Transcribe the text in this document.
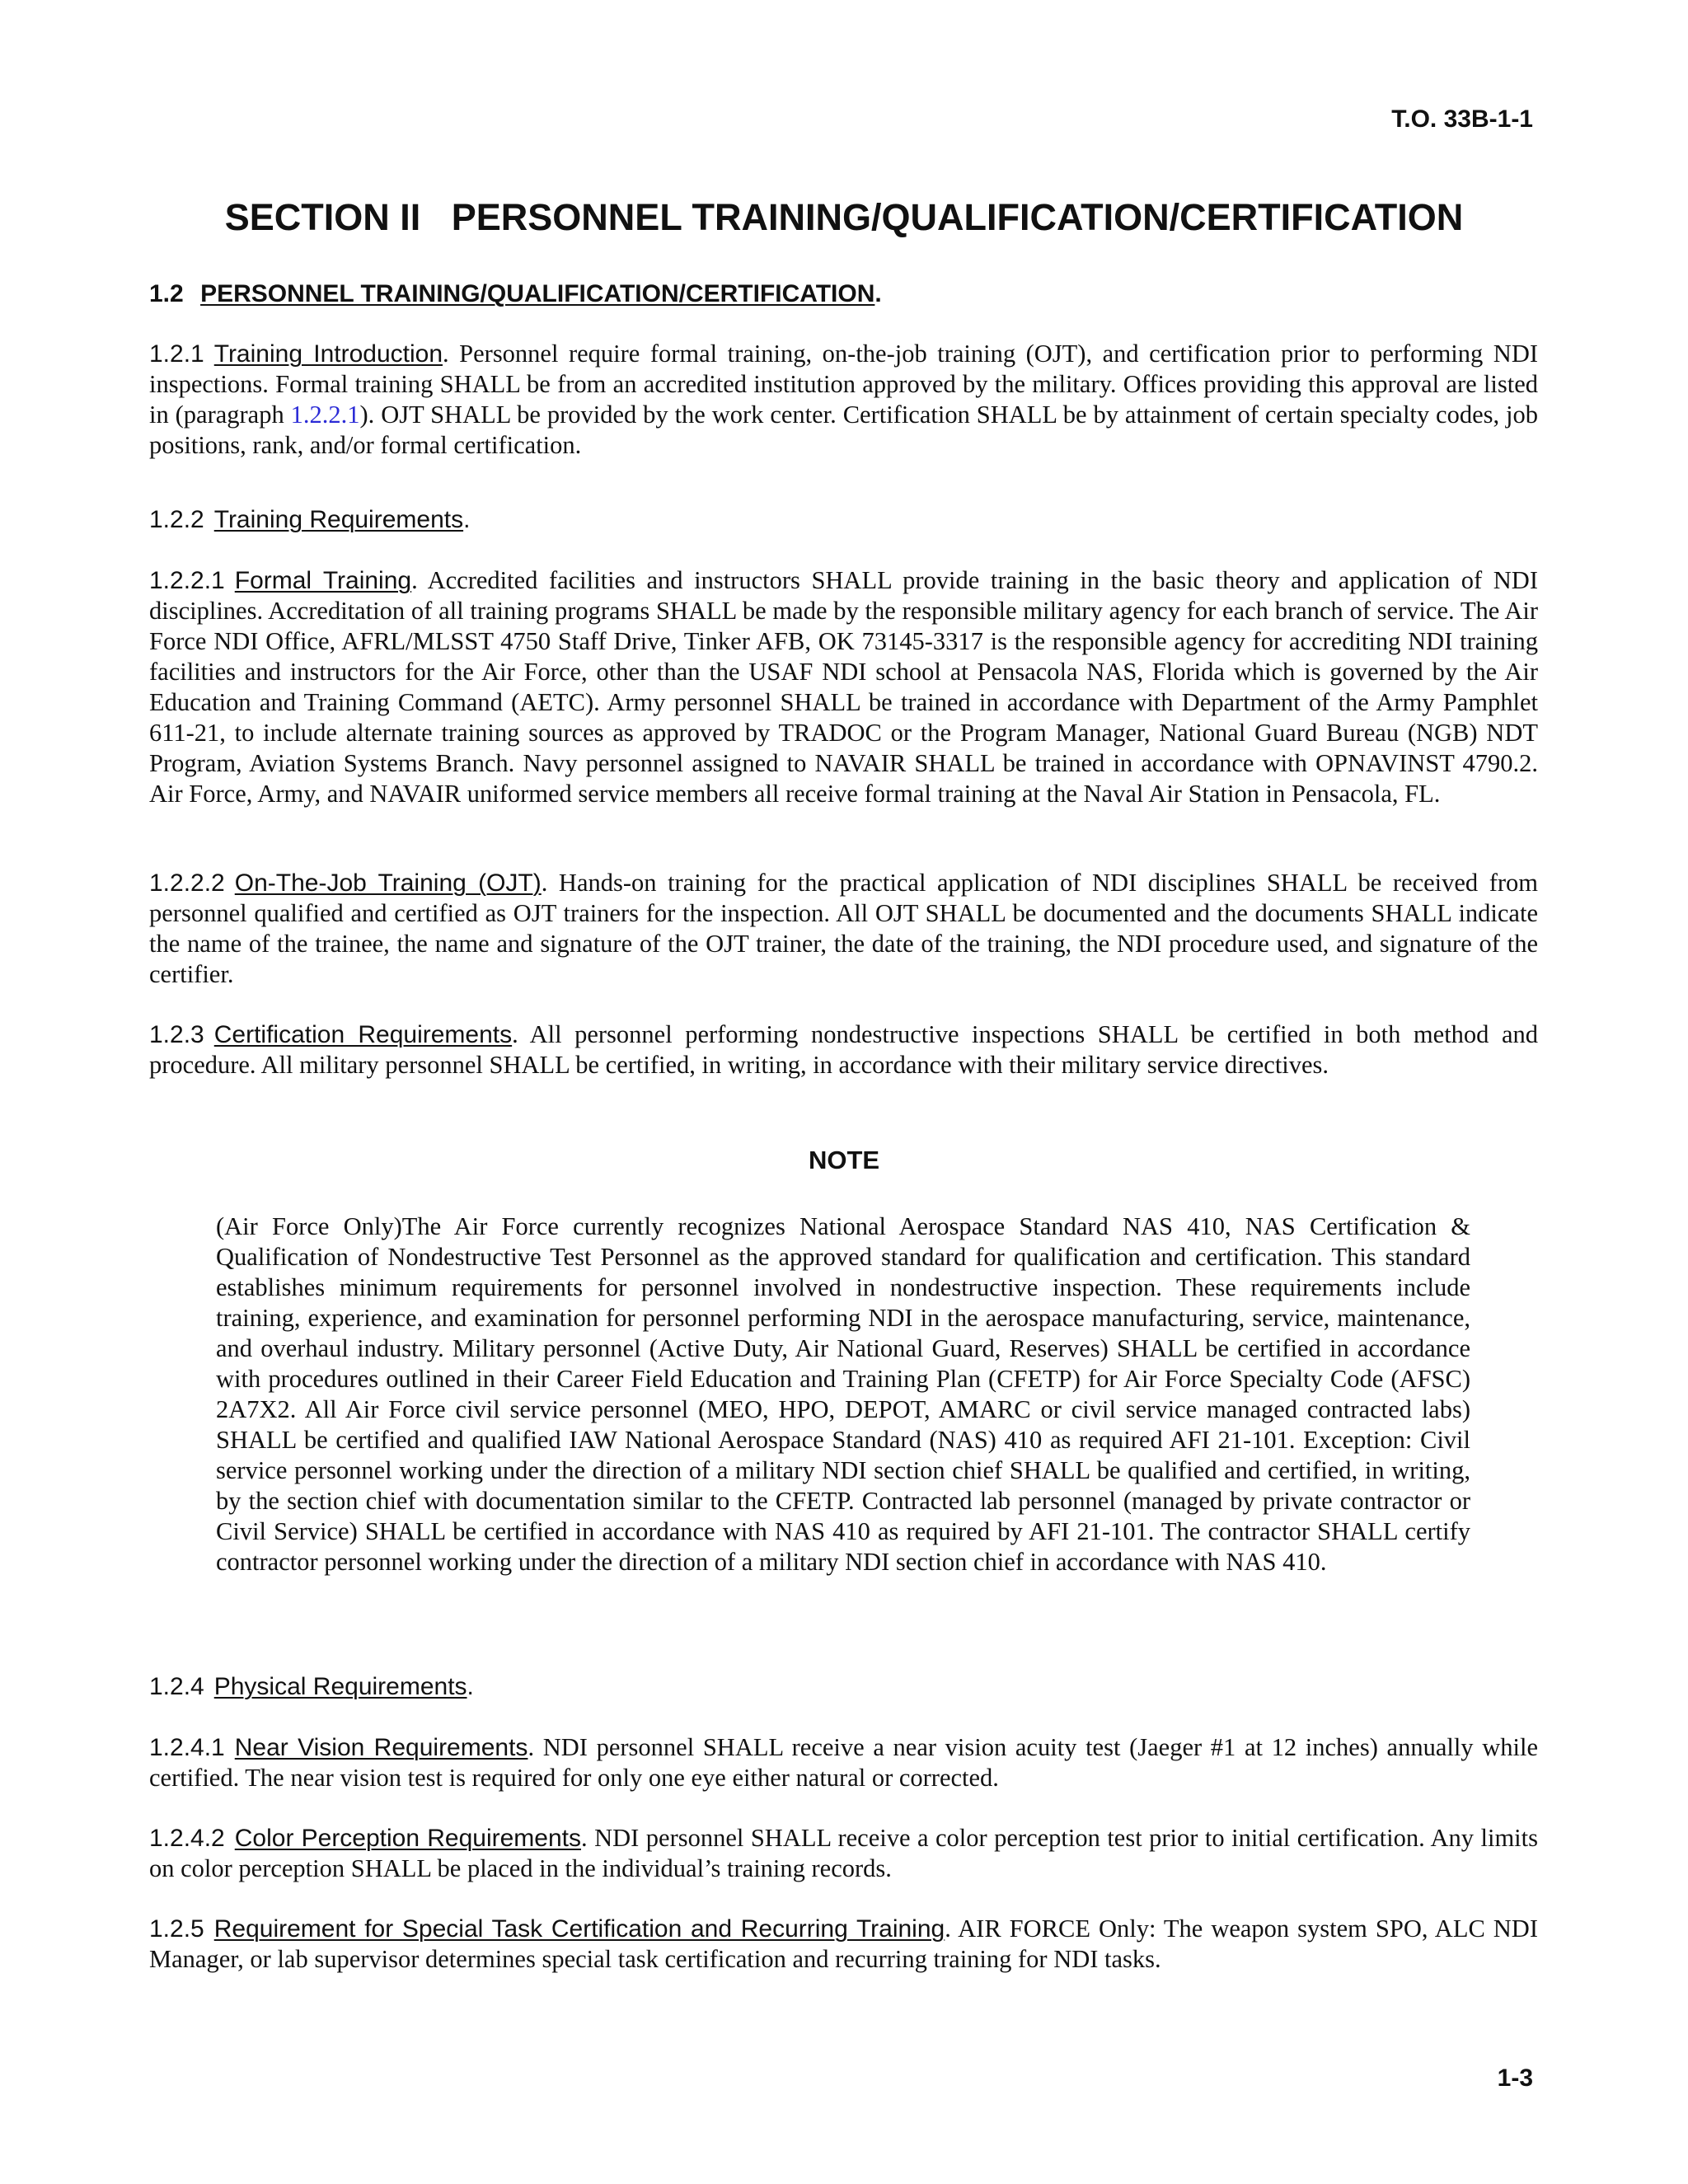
T.O. 33B-1-1
SECTION II   PERSONNEL TRAINING/QUALIFICATION/CERTIFICATION
1.2 PERSONNEL TRAINING/QUALIFICATION/CERTIFICATION.
1.2.1 Training Introduction. Personnel require formal training, on-the-job training (OJT), and certification prior to performing NDI inspections. Formal training SHALL be from an accredited institution approved by the military. Offices providing this approval are listed in (paragraph 1.2.2.1). OJT SHALL be provided by the work center. Certification SHALL be by attainment of certain specialty codes, job positions, rank, and/or formal certification.
1.2.2 Training Requirements.
1.2.2.1 Formal Training. Accredited facilities and instructors SHALL provide training in the basic theory and application of NDI disciplines. Accreditation of all training programs SHALL be made by the responsible military agency for each branch of service. The Air Force NDI Office, AFRL/MLSST 4750 Staff Drive, Tinker AFB, OK 73145-3317 is the responsible agency for accrediting NDI training facilities and instructors for the Air Force, other than the USAF NDI school at Pensacola NAS, Florida which is governed by the Air Education and Training Command (AETC). Army personnel SHALL be trained in accordance with Department of the Army Pamphlet 611-21, to include alternate training sources as approved by TRADOC or the Program Manager, National Guard Bureau (NGB) NDT Program, Aviation Systems Branch. Navy personnel assigned to NAVAIR SHALL be trained in accordance with OPNAVINST 4790.2. Air Force, Army, and NAVAIR uniformed service members all receive formal training at the Naval Air Station in Pensacola, FL.
1.2.2.2 On-The-Job Training (OJT). Hands-on training for the practical application of NDI disciplines SHALL be received from personnel qualified and certified as OJT trainers for the inspection. All OJT SHALL be documented and the documents SHALL indicate the name of the trainee, the name and signature of the OJT trainer, the date of the training, the NDI procedure used, and signature of the certifier.
1.2.3 Certification Requirements. All personnel performing nondestructive inspections SHALL be certified in both method and procedure. All military personnel SHALL be certified, in writing, in accordance with their military service directives.
NOTE
(Air Force Only)The Air Force currently recognizes National Aerospace Standard NAS 410, NAS Certification & Qualification of Nondestructive Test Personnel as the approved standard for qualification and certification. This standard establishes minimum requirements for personnel involved in nondestructive inspection. These requirements include training, experience, and examination for personnel performing NDI in the aerospace manufacturing, service, maintenance, and overhaul industry. Military personnel (Active Duty, Air National Guard, Reserves) SHALL be certified in accordance with procedures outlined in their Career Field Education and Training Plan (CFETP) for Air Force Specialty Code (AFSC) 2A7X2. All Air Force civil service personnel (MEO, HPO, DEPOT, AMARC or civil service managed contracted labs) SHALL be certified and qualified IAW National Aerospace Standard (NAS) 410 as required AFI 21-101. Exception: Civil service personnel working under the direction of a military NDI section chief SHALL be qualified and certified, in writing, by the section chief with documentation similar to the CFETP. Contracted lab personnel (managed by private contractor or Civil Service) SHALL be certified in accordance with NAS 410 as required by AFI 21-101. The contractor SHALL certify contractor personnel working under the direction of a military NDI section chief in accordance with NAS 410.
1.2.4 Physical Requirements.
1.2.4.1 Near Vision Requirements. NDI personnel SHALL receive a near vision acuity test (Jaeger #1 at 12 inches) annually while certified. The near vision test is required for only one eye either natural or corrected.
1.2.4.2 Color Perception Requirements. NDI personnel SHALL receive a color perception test prior to initial certification. Any limits on color perception SHALL be placed in the individual’s training records.
1.2.5 Requirement for Special Task Certification and Recurring Training. AIR FORCE Only: The weapon system SPO, ALC NDI Manager, or lab supervisor determines special task certification and recurring training for NDI tasks.
1-3
